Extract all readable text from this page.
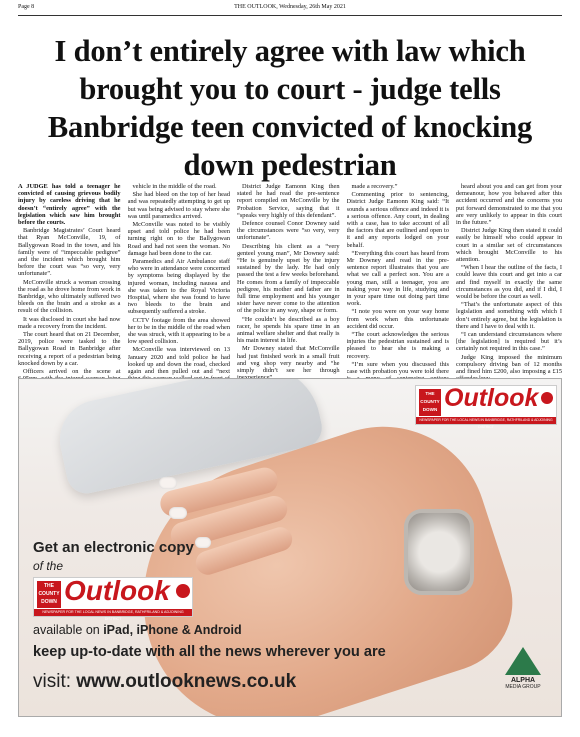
Page 8	THE OUTLOOK, Wednesday, 26th May 2021
I don’t entirely agree with law which brought you to court - judge tells Banbridge teen convicted of knocking down pedestrian

A JUDGE has told a teenager he convicted of causing grievous bodily injury by careless driving that he doesn’t “entirely agree” with the legislation which saw him brought before the courts.

Banbridge Magistrates’ Court heard that Ryan McConville, 19, of Ballygowan Road in the town, and his family were of “impeccable pedigree” and the incident which brought him before the court was “so very, very unfortunate”.

McConville struck a woman crossing the road as he drove home from work in Banbridge, who ultimately suffered two bleeds on the brain and a stroke as a result of the collision.

It was disclosed in court she had now made a recovery from the incident.

The court heard that on 21 December, 2019, police were tasked to the Ballygowan Road in Banbridge after receiving a report of a pedestrian being knocked down by a car.

Officers arrived on the scene at

vehicle in the middle of the road.

She had bleed on the top of her head and was repeatedly attempting to get up but was being advised to stay where she was until paramedics arrived.

McConville was noted to be visibly upset and told police he had been turning right on to the Ballygowan Road and had not seen the woman. No damage had been done to the car.

Paramedics and Air Ambulance staff who were in attendance were concerned by symptoms being displayed by the injured woman, including nausea and she was taken to the Royal Victoria Hospital, where she was found to have two bleeds to the brain and subsequently suffered a stroke.

CCTV footage from the area showed her to be in the middle of the road when she was struck, with it appearing to be a low speed collision.

McConville was interviewed on 13 January 2020 and told police he had looked up and down the road, checked again and then pulled out and “next

District Judge Eamonn King then stated he had read the pre-sentence report compiled on McConville by the Probation Service, saying that it “speaks very highly of this defendant”.

Defence counsel Conor Downey said the circumstances were “so very, very unfortunate”.

Describing his client as a “very genteel young man”, Mr Downey said: “He is genuinely upset by the injury sustained by the lady. He had only passed the test a few weeks beforehand. He comes from a family of impeccable pedigree, his mother and father are in full time employment and his younger sister have never come to the attention of the police in any way, shape or form.

“He couldn’t be described as a boy racer, he spends his spare time in an animal welfare shelter and that really is his main interest in life.

Mr Downey stated that McConville had just finished work in a small fruit and veg shop very nearby and “he simply didn’t see her through

made a recovery.”

Commenting prior to sentencing, District Judge Eamonn King said: “It sounds a serious offence and indeed it is a serious offence. Any court, in dealing with a case, has to take account of all the factors that are outlined and open to it and any reports lodged on your behalf.

“Everything this court has heard from Mr Downey and read in the pre-sentence report illustrates that you are what we call a perfect son. You are a young man, still a teenager, you are making your way in life, studying and in your spare time out doing part time work.

“I note you were on your way home from work when this unfortunate accident did occur.

“The court acknowledges the serious injuries the pedestrian sustained and is pleased to hear she is making a recovery.

“I’m sure when you discussed this case with probation you were told there

heard about you and can get from your demeanour, how you behaved after this accident occurred and the concerns you put forward demonstrated to me that you are very unlikely to appear in this court in the future.”

District Judge King then stated it could easily be himself who could appear in court in a similar set of circumstances which brought McConville to his attention.

“When I hear the outline of the facts, I could leave this court and get into a car and find myself in exactly the same circumstances as you did, and if I did, I would be before the court as well.

“That’s the unfortunate aspect of this legislation and something with which I don’t entirely agree, but the legislation is there and I have to deal with it.

“I can understand circumstances where [the legislation] is required but it’s certainly not required in this case.”

Judge King imposed the minimum compulsory driving ban of 12 months and fined him £200, also imposing a £15

THE COUNTY DOWN Outlook
NEWSPAPER FOR THE LOCAL NEWS IN BANBRIDGE, RATHFRILAND & ADJOINING DISTRICT
Get an electronic copy
of the
THE COUNTY DOWN Outlook
NEWSPAPER FOR THE LOCAL NEWS IN BANBRIDGE, RATHFRILAND & ADJOINING DISTRICT
available on iPad, iPhone & Android
keep up-to-date with all the news wherever you are
visit: www.outlooknews.co.uk	ALPHA
MEDIA GROUP
